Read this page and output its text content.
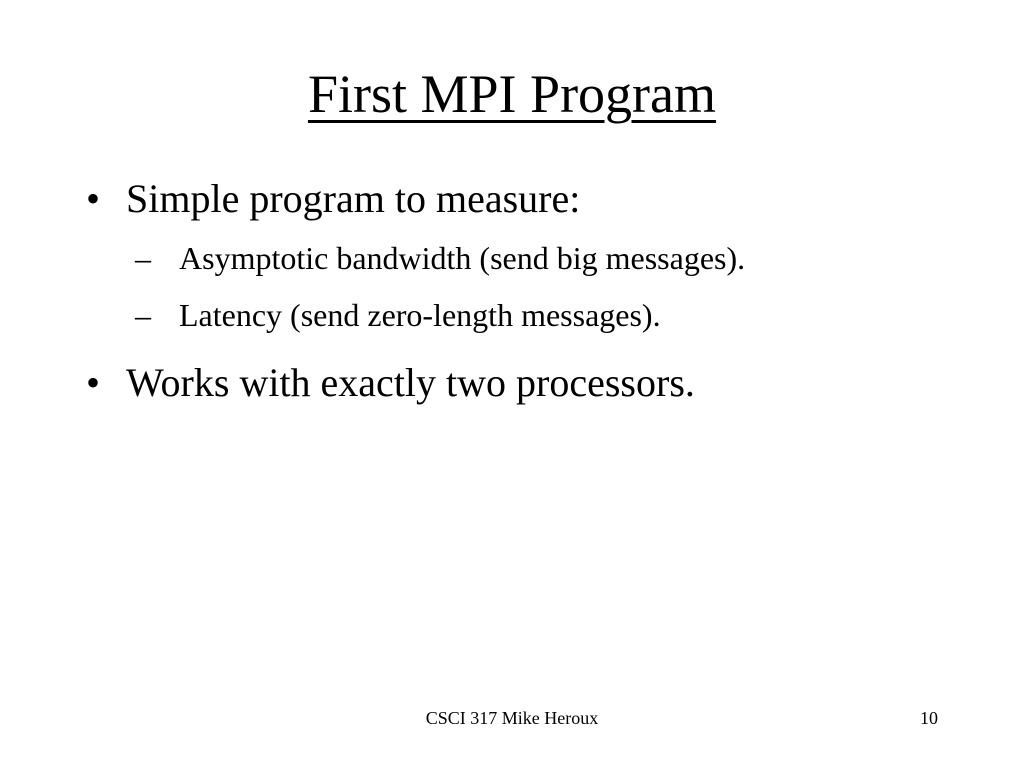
First MPI Program
• Simple program to measure:
– Asymptotic bandwidth (send big messages).
– Latency (send zero-length messages).
• Works with exactly two processors.
CSCI 317 Mike Heroux	10
